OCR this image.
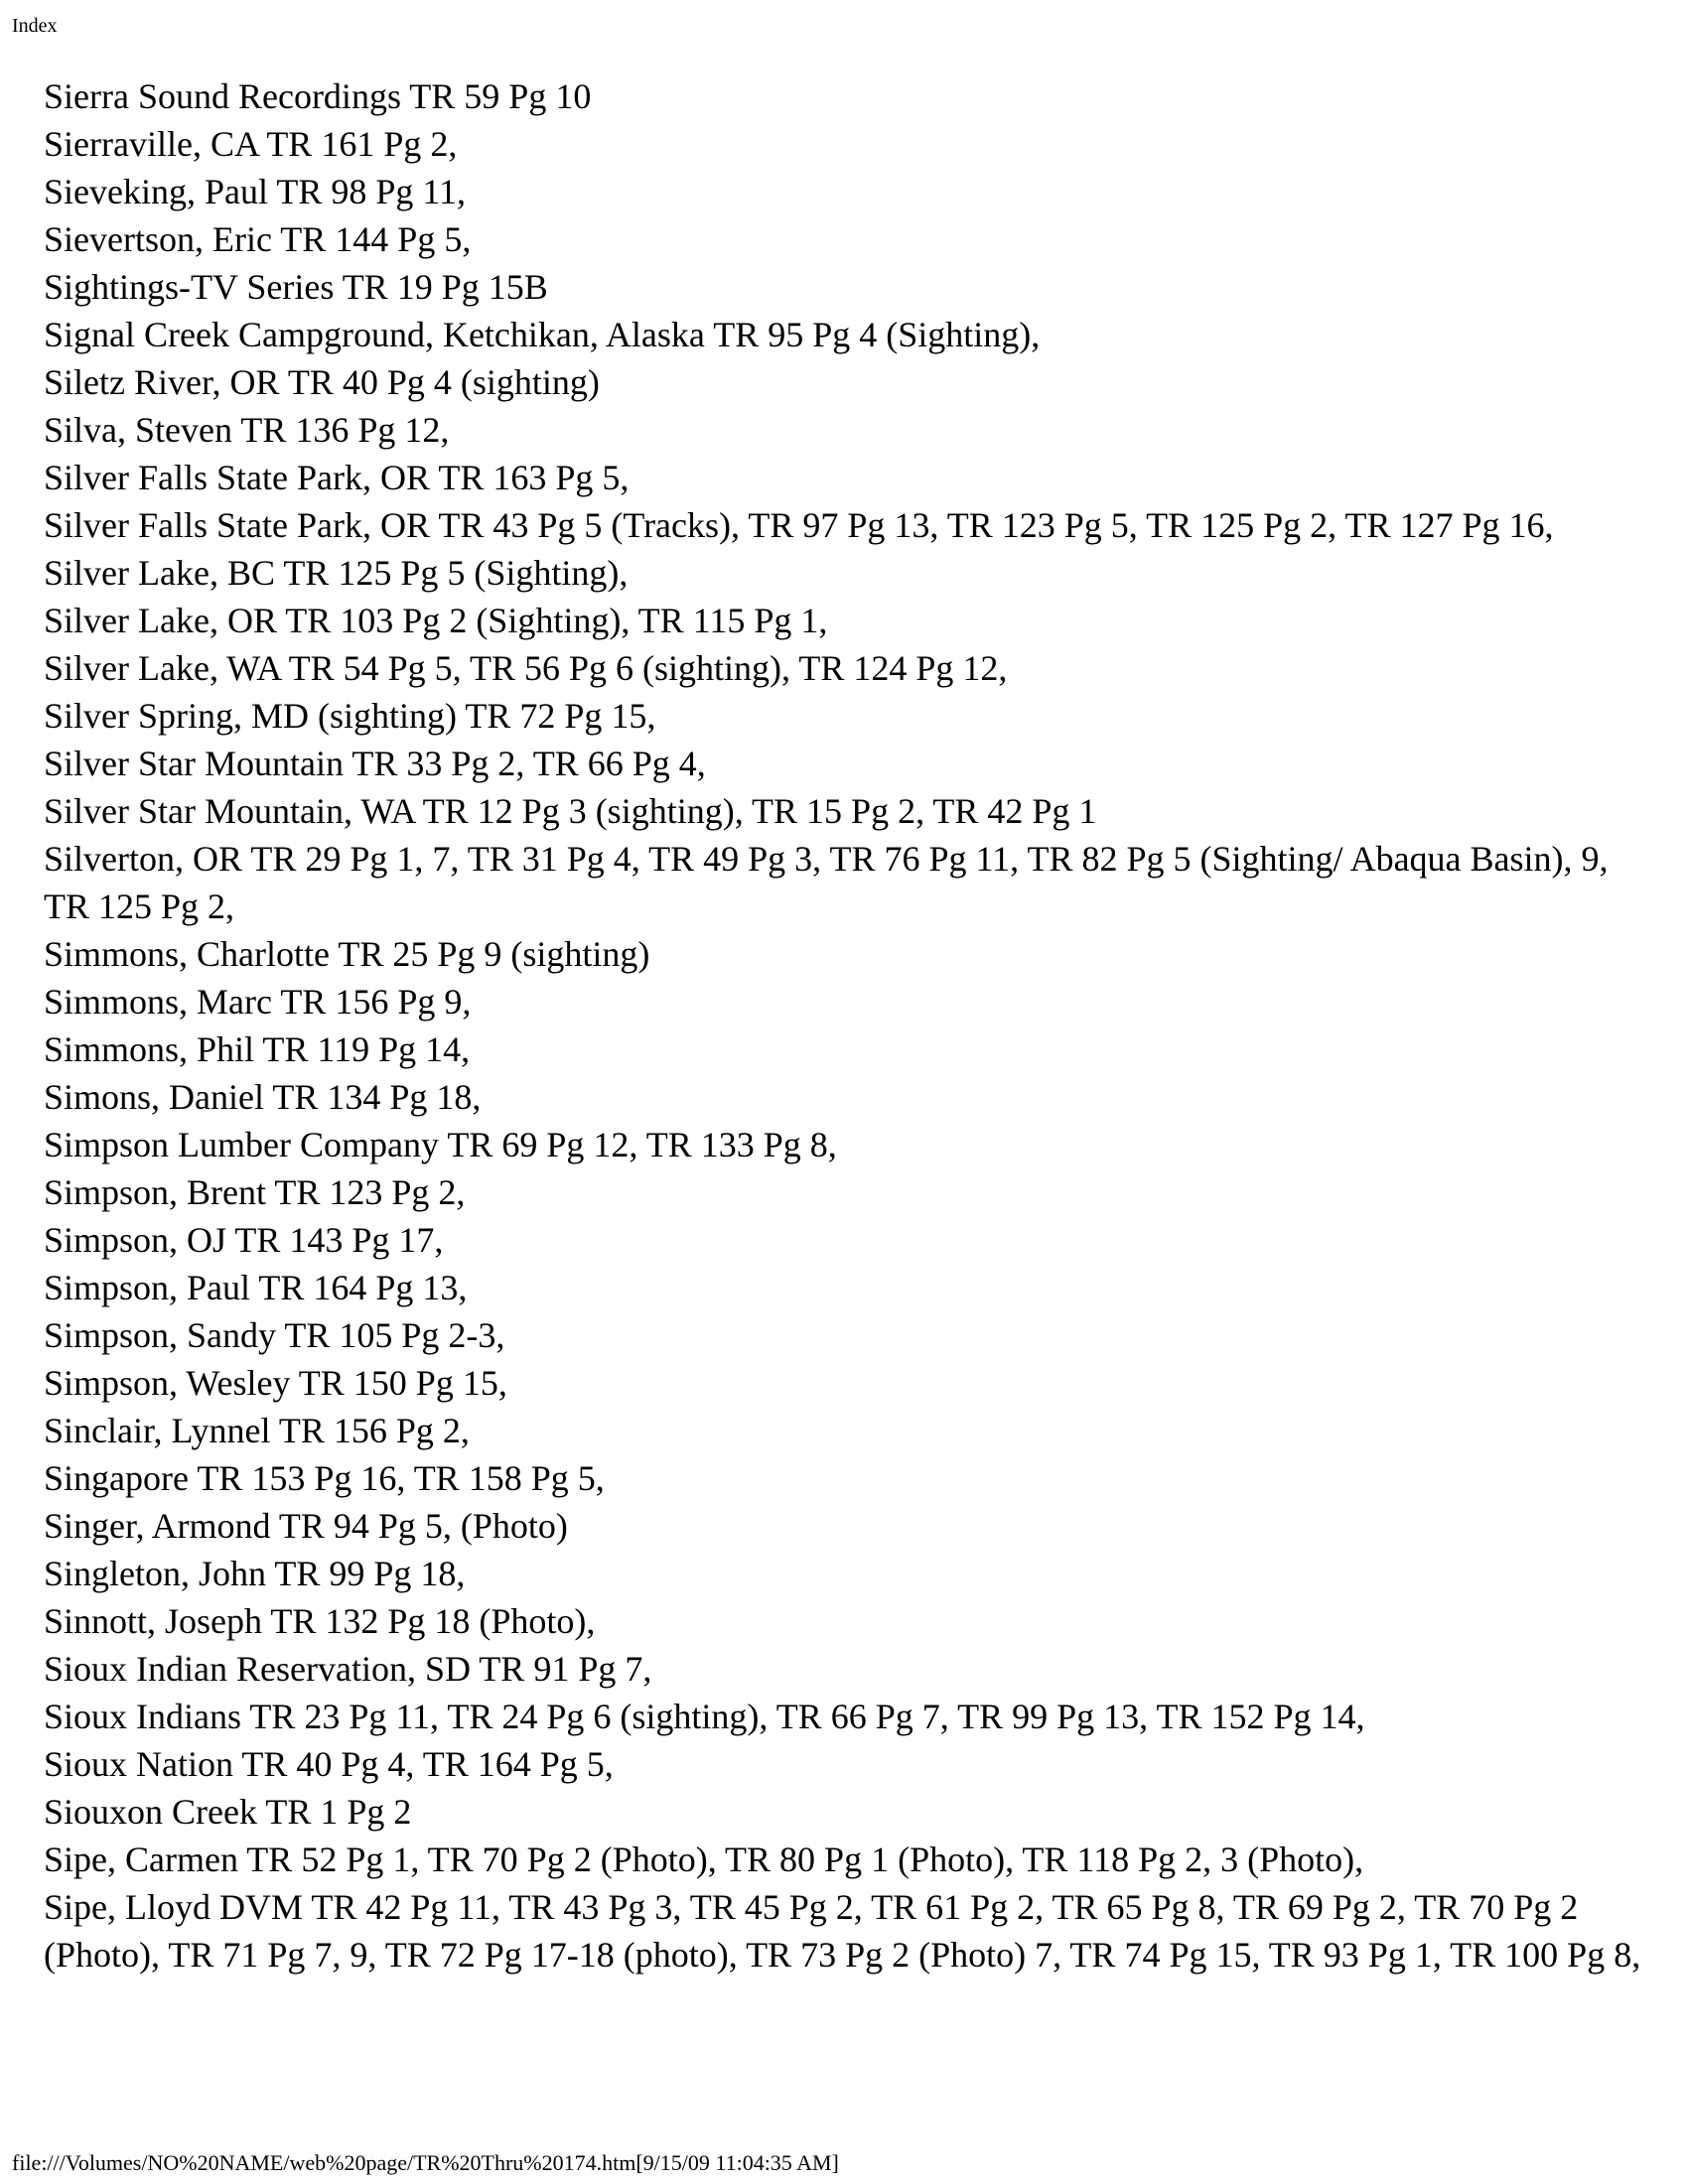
Index
Sierra Sound Recordings TR 59 Pg 10
Sierraville, CA TR 161 Pg 2,
Sieveking, Paul TR 98 Pg 11,
Sievertson, Eric TR 144 Pg 5,
Sightings-TV Series TR 19 Pg 15B
Signal Creek Campground, Ketchikan, Alaska TR 95 Pg 4 (Sighting),
Siletz River, OR TR 40 Pg 4 (sighting)
Silva, Steven TR 136 Pg 12,
Silver Falls State Park, OR TR 163 Pg 5,
Silver Falls State Park, OR TR 43 Pg 5 (Tracks), TR 97 Pg 13, TR 123 Pg 5, TR 125 Pg 2, TR 127 Pg 16,
Silver Lake, BC TR 125 Pg 5 (Sighting),
Silver Lake, OR TR 103 Pg 2 (Sighting), TR 115 Pg 1,
Silver Lake, WA TR 54 Pg 5, TR 56 Pg 6 (sighting), TR 124 Pg 12,
Silver Spring, MD (sighting) TR 72 Pg 15,
Silver Star Mountain TR 33 Pg 2, TR 66 Pg 4,
Silver Star Mountain, WA TR 12 Pg 3 (sighting), TR 15 Pg 2, TR 42 Pg 1
Silverton, OR TR 29 Pg 1, 7, TR 31 Pg 4, TR 49 Pg 3, TR 76 Pg 11, TR 82 Pg 5 (Sighting/ Abaqua Basin), 9, TR 125 Pg 2,
Simmons, Charlotte TR 25 Pg 9 (sighting)
Simmons, Marc TR 156 Pg 9,
Simmons, Phil TR 119 Pg 14,
Simons, Daniel TR 134 Pg 18,
Simpson Lumber Company TR 69 Pg 12, TR 133 Pg 8,
Simpson, Brent TR 123 Pg 2,
Simpson, OJ TR 143 Pg 17,
Simpson, Paul TR 164 Pg 13,
Simpson, Sandy TR 105 Pg 2-3,
Simpson, Wesley TR 150 Pg 15,
Sinclair, Lynnel TR 156 Pg 2,
Singapore TR 153 Pg 16, TR 158 Pg 5,
Singer, Armond TR 94 Pg 5, (Photo)
Singleton, John TR 99 Pg 18,
Sinnott, Joseph TR 132 Pg 18 (Photo),
Sioux Indian Reservation, SD TR 91 Pg 7,
Sioux Indians TR 23 Pg 11, TR 24 Pg 6 (sighting), TR 66 Pg 7, TR 99 Pg 13, TR 152 Pg 14,
Sioux Nation TR 40 Pg 4, TR 164 Pg 5,
Siouxon Creek TR 1 Pg 2
Sipe, Carmen TR 52 Pg 1, TR 70 Pg 2 (Photo), TR 80 Pg 1 (Photo), TR 118 Pg 2, 3 (Photo),
Sipe, Lloyd DVM TR 42 Pg 11, TR 43 Pg 3, TR 45 Pg 2, TR 61 Pg 2, TR 65 Pg 8, TR 69 Pg 2, TR 70 Pg 2 (Photo), TR 71 Pg 7, 9, TR 72 Pg 17-18 (photo), TR 73 Pg 2 (Photo) 7, TR 74 Pg 15, TR 93 Pg 1, TR 100 Pg 8,
file:///Volumes/NO%20NAME/web%20page/TR%20Thru%20174.htm[9/15/09 11:04:35 AM]
